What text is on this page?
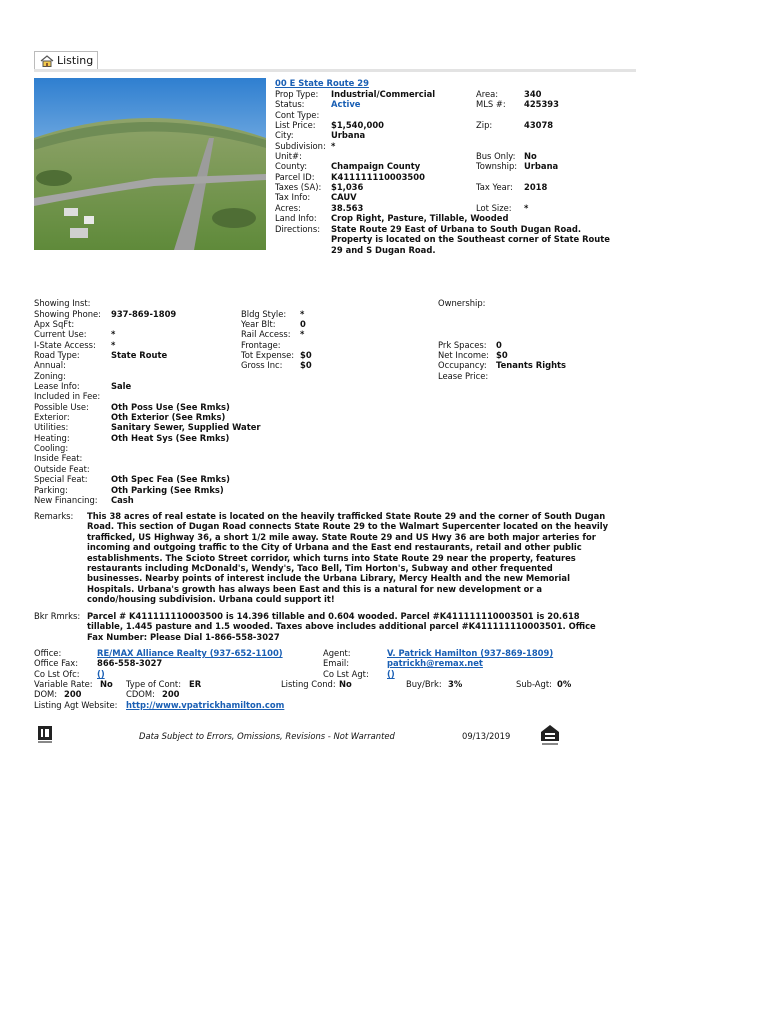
Listing
00 E State Route 29
Prop Type: Industrial/Commercial
Status:	Active
Cont Type:
List Price: $1,540,000
City:	Urbana
Subdivision: *
Unit#:
County:	Champaign County
Parcel ID: K411111110003500
Taxes (SA): $1,036
Tax Info: CAUV
Acres:	38.563
Land Info: Crop Right, Pasture, Tillable, Wooded
Directions: State Route 29 East of Urbana to South Dugan Road. Property is located on the Southeast corner of State Route 29 and S Dugan Road.
Area:	340
MLS #: 425393
Zip:	43078
Bus Only: No
Township: Urbana
Tax Year: 2018
Lot Size: *
Showing Inst:
Showing Phone: 937-869-1809
Apx SqFt:
Current Use:	*
I-State Access: *
Road Type:	State Route
Annual:
Zoning:
Lease Info:	Sale
Included in Fee:
Possible Use:	Oth Poss Use (See Rmks)
Exterior:	Oth Exterior (See Rmks)
Utilities:	Sanitary Sewer, Supplied Water
Heating:	Oth Heat Sys (See Rmks)
Cooling:
Inside Feat:
Outside Feat:
Special Feat:	Oth Spec Fea (See Rmks)
Parking:	Oth Parking (See Rmks)
New Financing: Cash
Bldg Style: *
Year Blt:	0
Rail Access: *
Frontage:
Tot Expense: $0
Gross Inc: $0
Ownership:
Prk Spaces: 0
Net Income: $0
Occupancy: Tenants Rights
Lease Price:
Remarks: This 38 acres of real estate is located on the heavily trafficked State Route 29 and the corner of South Dugan Road. This section of Dugan Road connects State Route 29 to the Walmart Supercenter located on the heavily trafficked, US Highway 36, a short 1/2 mile away. State Route 29 and US Hwy 36 are both major arteries for incoming and outgoing traffic to the City of Urbana and the East end restaurants, retail and other public establishments. The Scioto Street corridor, which turns into State Route 29 near the property, features restaurants including McDonald's, Wendy's, Taco Bell, Tim Horton's, Subway and other frequented businesses. Nearby points of interest include the Urbana Library, Mercy Health and the new Memorial Hospitals. Urbana's growth has always been East and this is a natural for new development or a condo/housing subdivision. Urbana could support it!
Bkr Rmrks: Parcel # K411111110003500 is 14.396 tillable and 0.604 wooded. Parcel #K411111110003501 is 20.618 tillable, 1.445 pasture and 1.5 wooded. Taxes above includes additional parcel #K411111110003501. Office Fax Number: Please Dial 1-866-558-3027
Office:	RE/MAX Alliance Realty (937-652-1100)
Office Fax: 866-558-3027
Co Lst Ofc: ()
Variable Rate: No Type of Cont: ER	Listing Cond: No
DOM: 200	CDOM: 200
Listing Agt Website: http://www.vpatrickhamilton.com
Agent:	V. Patrick Hamilton (937-869-1809)
Email:	patrickh@remax.net
Co Lst Agt: ()
Buy/Brk: 3%	Sub-Agt: 0%
Data Subject to Errors, Omissions, Revisions - Not Warranted	09/13/2019
